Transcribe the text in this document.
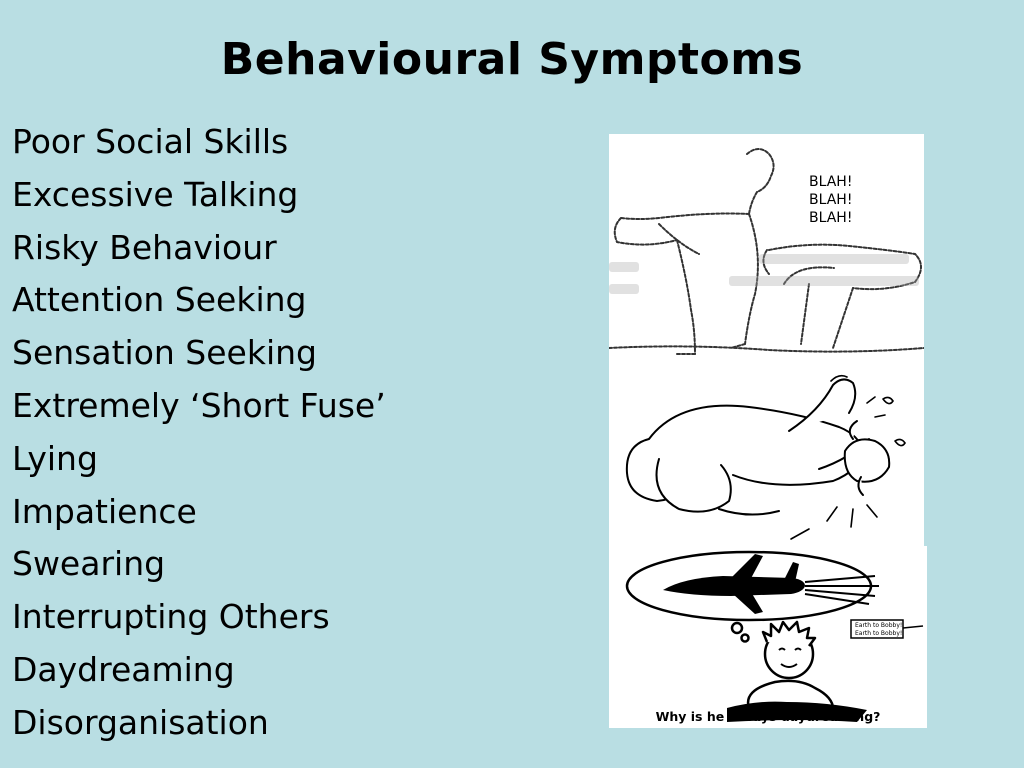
Behavioural Symptoms
Poor Social Skills
Excessive Talking
Risky Behaviour
Attention Seeking
Sensation Seeking
Extremely ‘Short Fuse’
Lying
Impatience
Swearing
Interrupting Others
Daydreaming
Disorganisation
BLAH!
BLAH!
BLAH!
Earth to Bobby!
Earth to Bobby!
Why is he always daydreaming?
